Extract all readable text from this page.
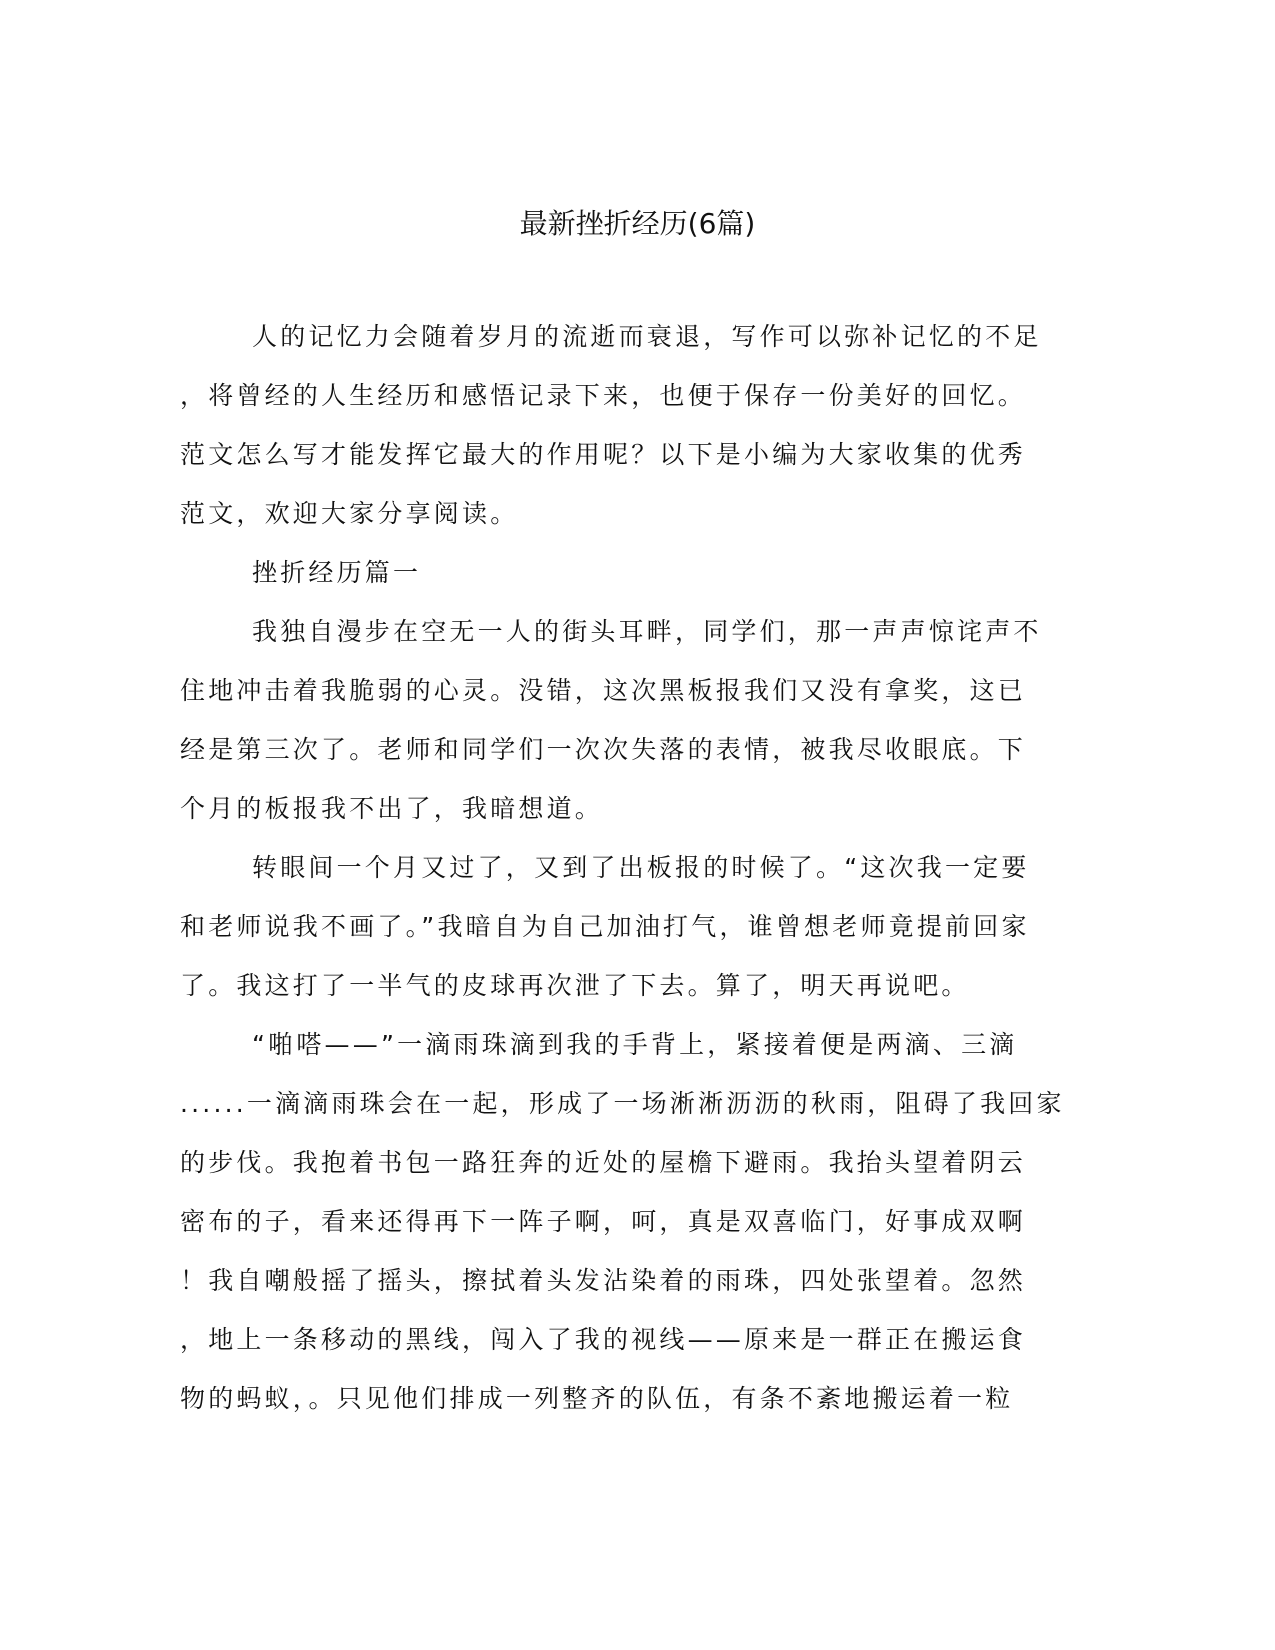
最新挫折经历(6篇)
人的记忆力会随着岁月的流逝而衰退，写作可以弥补记忆的不足
，将曾经的人生经历和感悟记录下来，也便于保存一份美好的回忆。
范文怎么写才能发挥它最大的作用呢？以下是小编为大家收集的优秀
范文，欢迎大家分享阅读。
挫折经历篇一
我独自漫步在空无一人的街头耳畔，同学们，那一声声惊诧声不
住地冲击着我脆弱的心灵。没错，这次黑板报我们又没有拿奖，这已
经是第三次了。老师和同学们一次次失落的表情，被我尽收眼底。下
个月的板报我不出了，我暗想道。
转眼间一个月又过了，又到了出板报的时候了。“这次我一定要
和老师说我不画了。”我暗自为自己加油打气，谁曾想老师竟提前回家
了。我这打了一半气的皮球再次泄了下去。算了，明天再说吧。
“啪嗒——”一滴雨珠滴到我的手背上，紧接着便是两滴、三滴
......一滴滴雨珠会在一起，形成了一场淅淅沥沥的秋雨，阻碍了我回家
的步伐。我抱着书包一路狂奔的近处的屋檐下避雨。我抬头望着阴云
密布的子，看来还得再下一阵子啊，呵，真是双喜临门，好事成双啊
！我自嘲般摇了摇头，擦拭着头发沾染着的雨珠，四处张望着。忽然
，地上一条移动的黑线，闯入了我的视线——原来是一群正在搬运食
物的蚂蚁，。只见他们排成一列整齐的队伍，有条不紊地搬运着一粒
